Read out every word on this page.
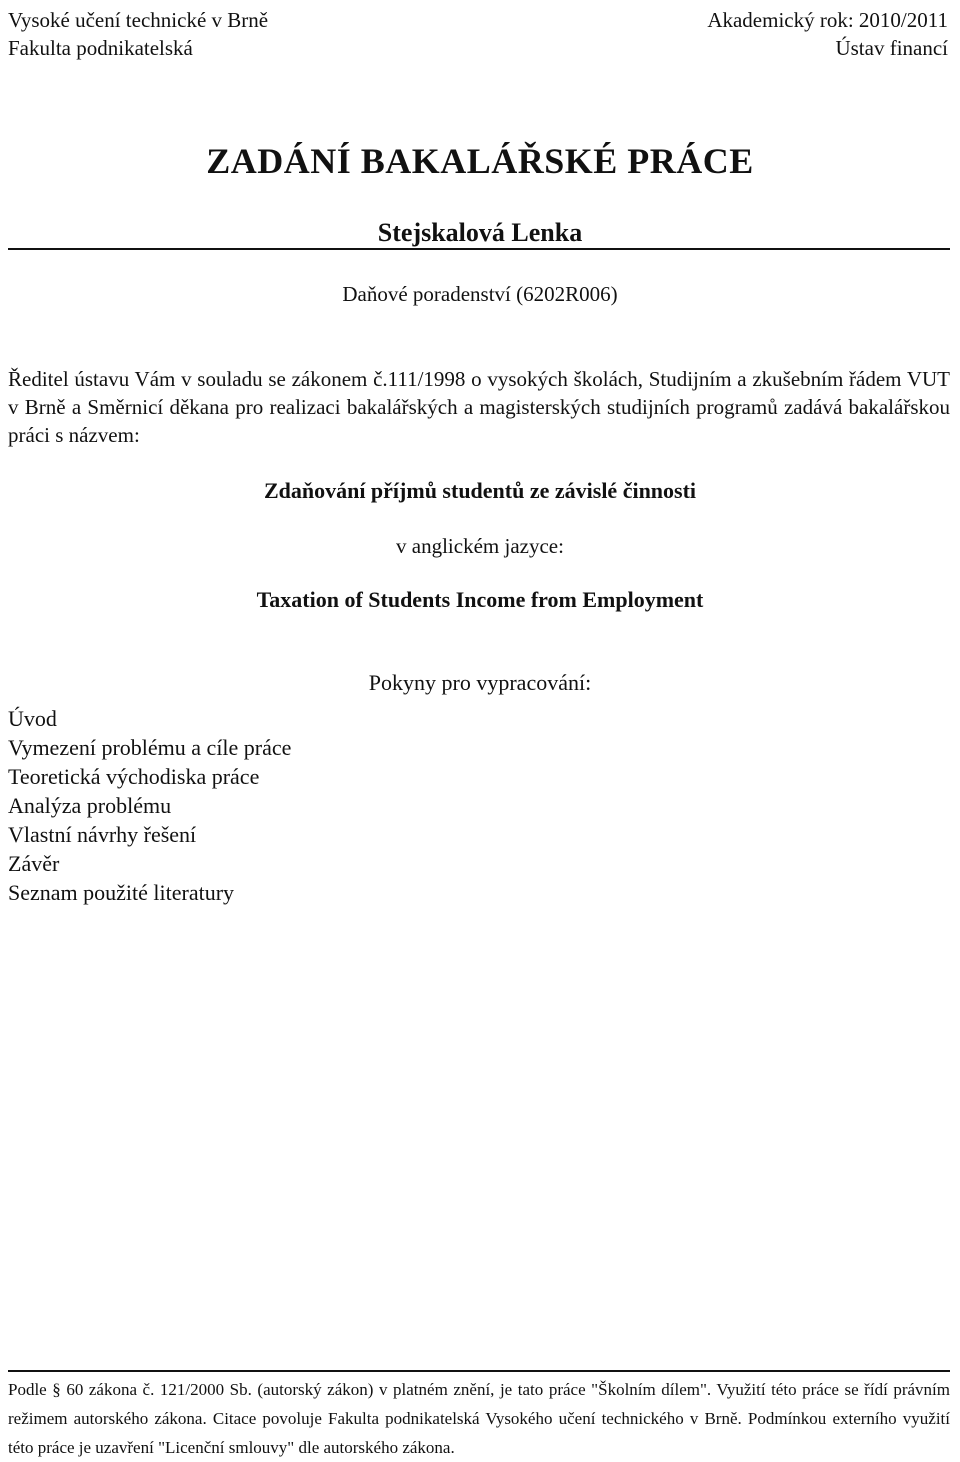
Vysoké učení technické v Brně
Fakulta podnikatelská
Akademický rok: 2010/2011
Ústav financí
ZADÁNÍ BAKALÁŘSKÉ PRÁCE
Stejskalová Lenka
Daňové poradenství (6202R006)
Ředitel ústavu Vám v souladu se zákonem č.111/1998 o vysokých školách, Studijním a zkušebním řádem VUT v Brně a Směrnicí děkana pro realizaci bakalářských a magisterských studijních programů zadává bakalářskou práci s názvem:
Zdaňování příjmů studentů ze závislé činnosti
v anglickém jazyce:
Taxation of Students Income from Employment
Pokyny pro vypracování:
Úvod
Vymezení problému a cíle práce
Teoretická východiska práce
Analýza problému
Vlastní návrhy řešení
Závěr
Seznam použité literatury
Podle § 60 zákona č. 121/2000 Sb. (autorský zákon) v platném znění, je tato práce "Školním dílem". Využití této práce se řídí právním režimem autorského zákona. Citace povoluje Fakulta podnikatelská Vysokého učení technického v Brně. Podmínkou externího využití této práce je uzavření "Licenční smlouvy" dle autorského zákona.
